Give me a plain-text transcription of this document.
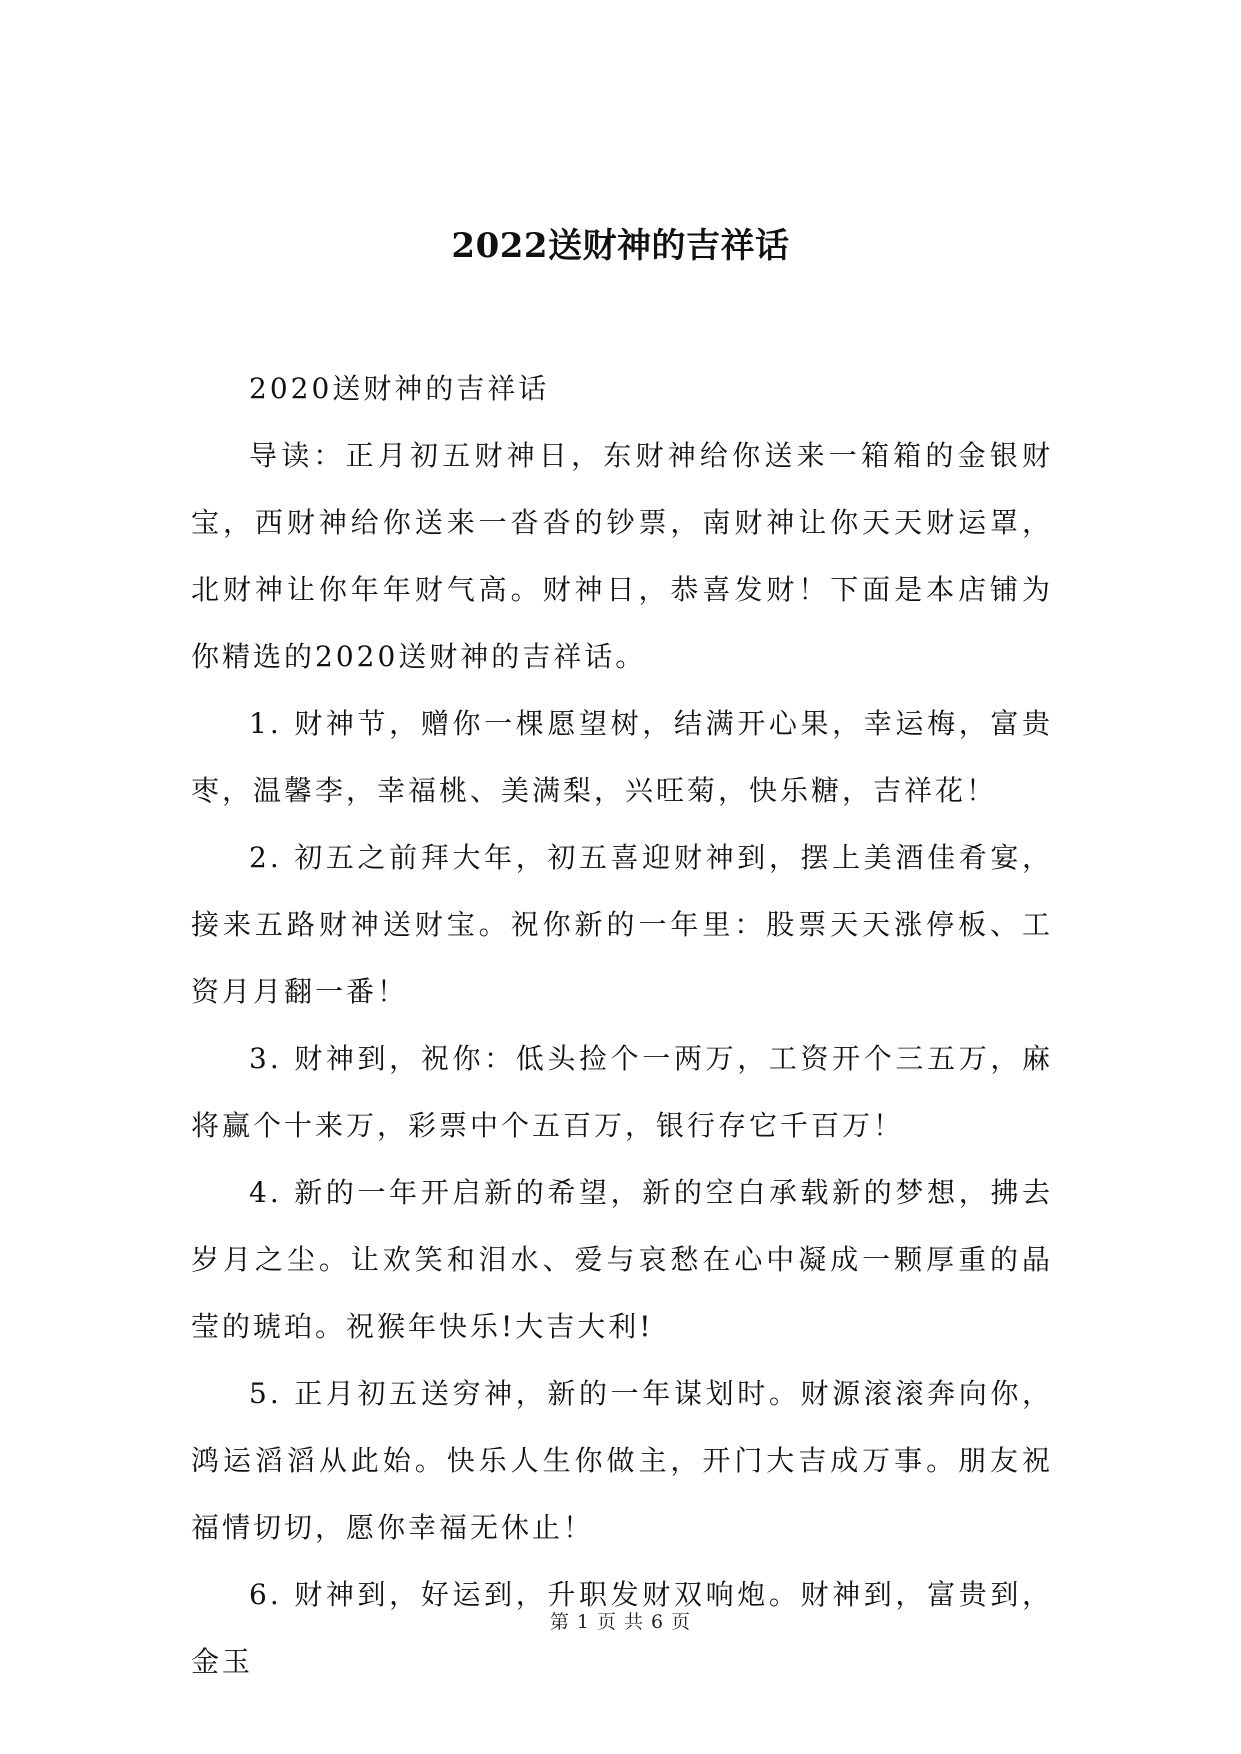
2022送财神的吉祥话

2020送财神的吉祥话

导读：正月初五财神日，东财神给你送来一箱箱的金银财宝，西财神给你送来一沓沓的钞票，南财神让你天天财运罩，北财神让你年年财气高。财神日，恭喜发财！下面是本店铺为你精选的2020送财神的吉祥话。

1. 财神节，赠你一棵愿望树，结满开心果，幸运梅，富贵枣，温馨李，幸福桃、美满梨，兴旺菊，快乐糖，吉祥花！

2. 初五之前拜大年，初五喜迎财神到，摆上美酒佳肴宴，接来五路财神送财宝。祝你新的一年里：股票天天涨停板、工资月月翻一番！

3. 财神到，祝你：低头捡个一两万，工资开个三五万，麻将赢个十来万，彩票中个五百万，银行存它千百万！

4. 新的一年开启新的希望，新的空白承载新的梦想，拂去岁月之尘。让欢笑和泪水、爱与哀愁在心中凝成一颗厚重的晶莹的琥珀。祝猴年快乐!大吉大利!

5. 正月初五送穷神，新的一年谋划时。财源滚滚奔向你，鸿运滔滔从此始。快乐人生你做主，开门大吉成万事。朋友祝福情切切，愿你幸福无休止！

6. 财神到，好运到，升职发财双响炮。财神到，富贵到，金玉

第 1 页 共 6 页
